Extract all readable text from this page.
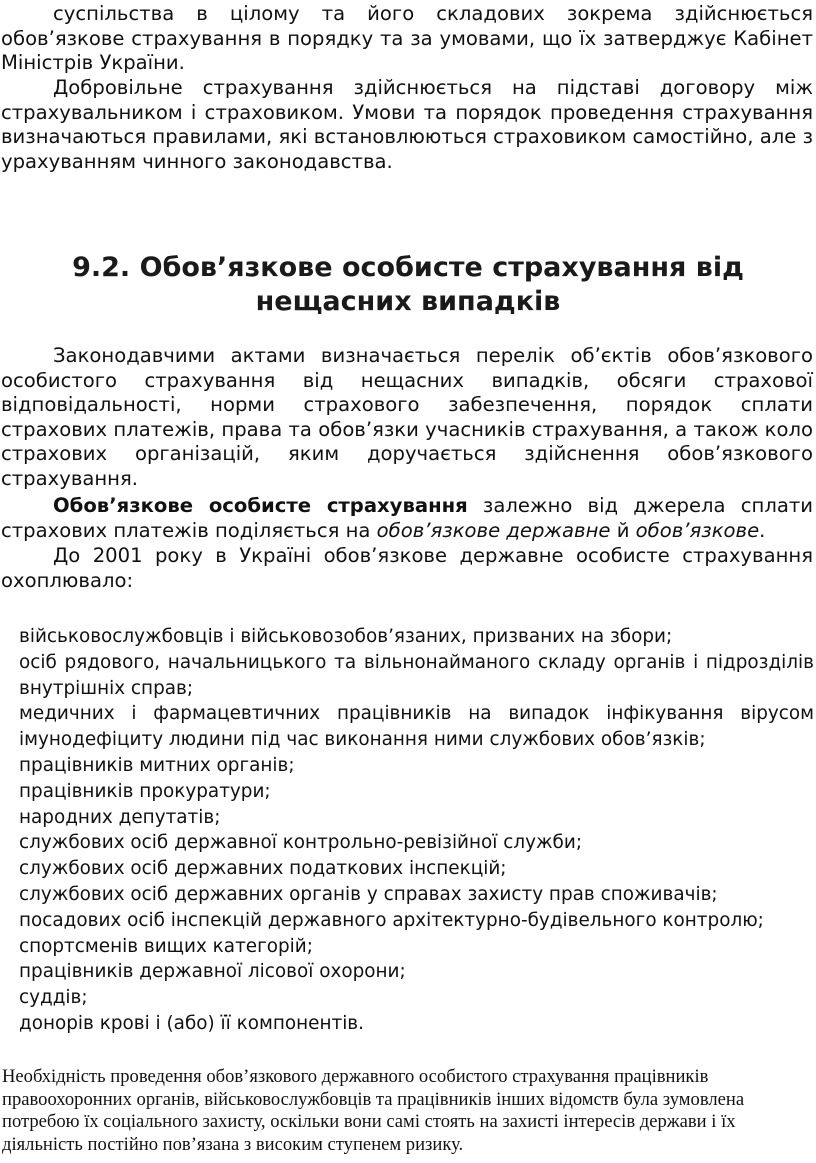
суспільства в цілому та його складових зокрема здійснюється обов’язкове страхування в порядку та за умовами, що їх затверджує Кабінет Міністрів України.

Добровільне страхування здійснюється на підставі договору між страхувальником і страховиком. Умови та порядок проведення страхування визначаються правилами, які встановлюються страховиком самостійно, але з урахуванням чинного законодавства.

9.2. Обов’язкове особисте страхування від нещасних випадків

Законодавчими актами визначається перелік об’єктів обов’язкового особистого страхування від нещасних випадків, обсяги страхової відповідальності, норми страхового забезпечення, порядок сплати страхових платежів, права та обов’язки учасників страхування, а також коло страхових організацій, яким доручається здійснення обов’язкового страхування.

Обов’язкове особисте страхування залежно від джерела сплати страхових платежів поділяється на обов’язкове державне й обов’язкове.

До 2001 року в Україні обов’язкове державне особисте страхування охоплювало:

військовослужбовців і військовозобов’язаних, призваних на збори;
осіб рядового, начальницького та вільнонайманого складу органів і підрозділів внутрішніх справ;
медичних і фармацевтичних працівників на випадок інфікування вірусом імунодефіциту людини під час виконання ними службових обов’язків;
працівників митних органів;
працівників прокуратури;
народних депутатів;
службових осіб державної контрольно-ревізійної служби;
службових осіб державних податкових інспекцій;
службових осіб державних органів у справах захисту прав споживачів;
посадових осіб інспекцій державного архітектурно-будівельного контролю;
спортсменів вищих категорій;
працівників державної лісової охорони;
суддів;
донорів крові і (або) її компонентів.

Необхідність проведення обов’язкового державного особистого страхування працівників правоохоронних органів, військовослужбовців та працівників інших відомств була зумовлена потребою їх соціального захисту, оскільки вони самі стоять на захисті інтересів держави і їх діяльність постійно пов’язана з високим ступенем ризику.
